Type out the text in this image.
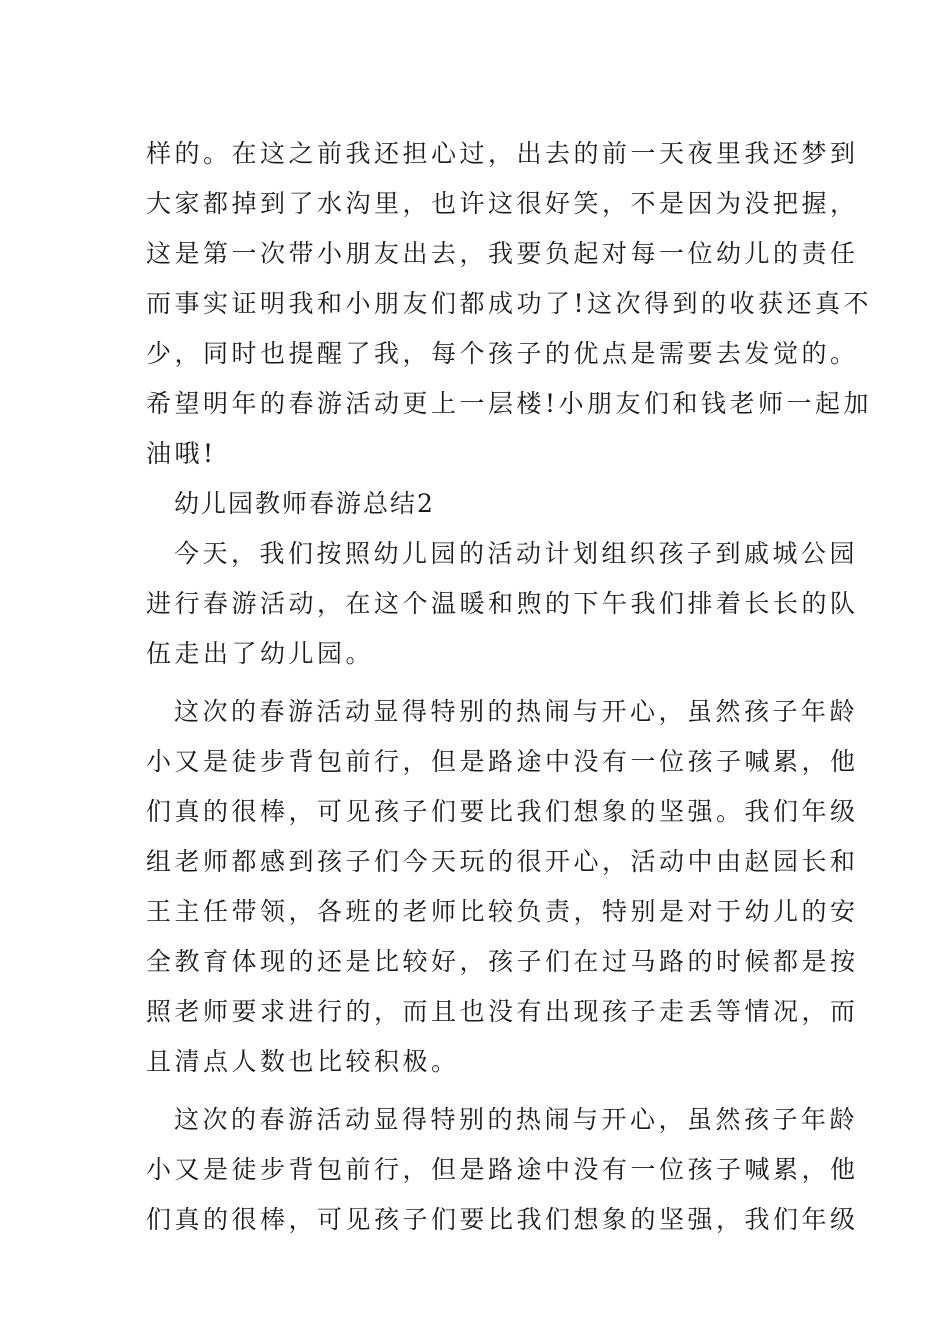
样的。在这之前我还担心过，出去的前一天夜里我还梦到
大家都掉到了水沟里，也许这很好笑，不是因为没把握，
这是第一次带小朋友出去，我要负起对每一位幼儿的责任
而事实证明我和小朋友们都成功了!这次得到的收获还真不
少，同时也提醒了我，每个孩子的优点是需要去发觉的。
希望明年的春游活动更上一层楼!小朋友们和钱老师一起加
油哦!
幼儿园教师春游总结2
今天，我们按照幼儿园的活动计划组织孩子到戚城公园
进行春游活动，在这个温暖和煦的下午我们排着长长的队
伍走出了幼儿园。
这次的春游活动显得特别的热闹与开心，虽然孩子年龄
小又是徒步背包前行，但是路途中没有一位孩子喊累，他
们真的很棒，可见孩子们要比我们想象的坚强。我们年级
组老师都感到孩子们今天玩的很开心，活动中由赵园长和
王主任带领，各班的老师比较负责，特别是对于幼儿的安
全教育体现的还是比较好，孩子们在过马路的时候都是按
照老师要求进行的，而且也没有出现孩子走丢等情况，而
且清点人数也比较积极。
这次的春游活动显得特别的热闹与开心，虽然孩子年龄
小又是徒步背包前行，但是路途中没有一位孩子喊累，他
们真的很棒，可见孩子们要比我们想象的坚强，我们年级
